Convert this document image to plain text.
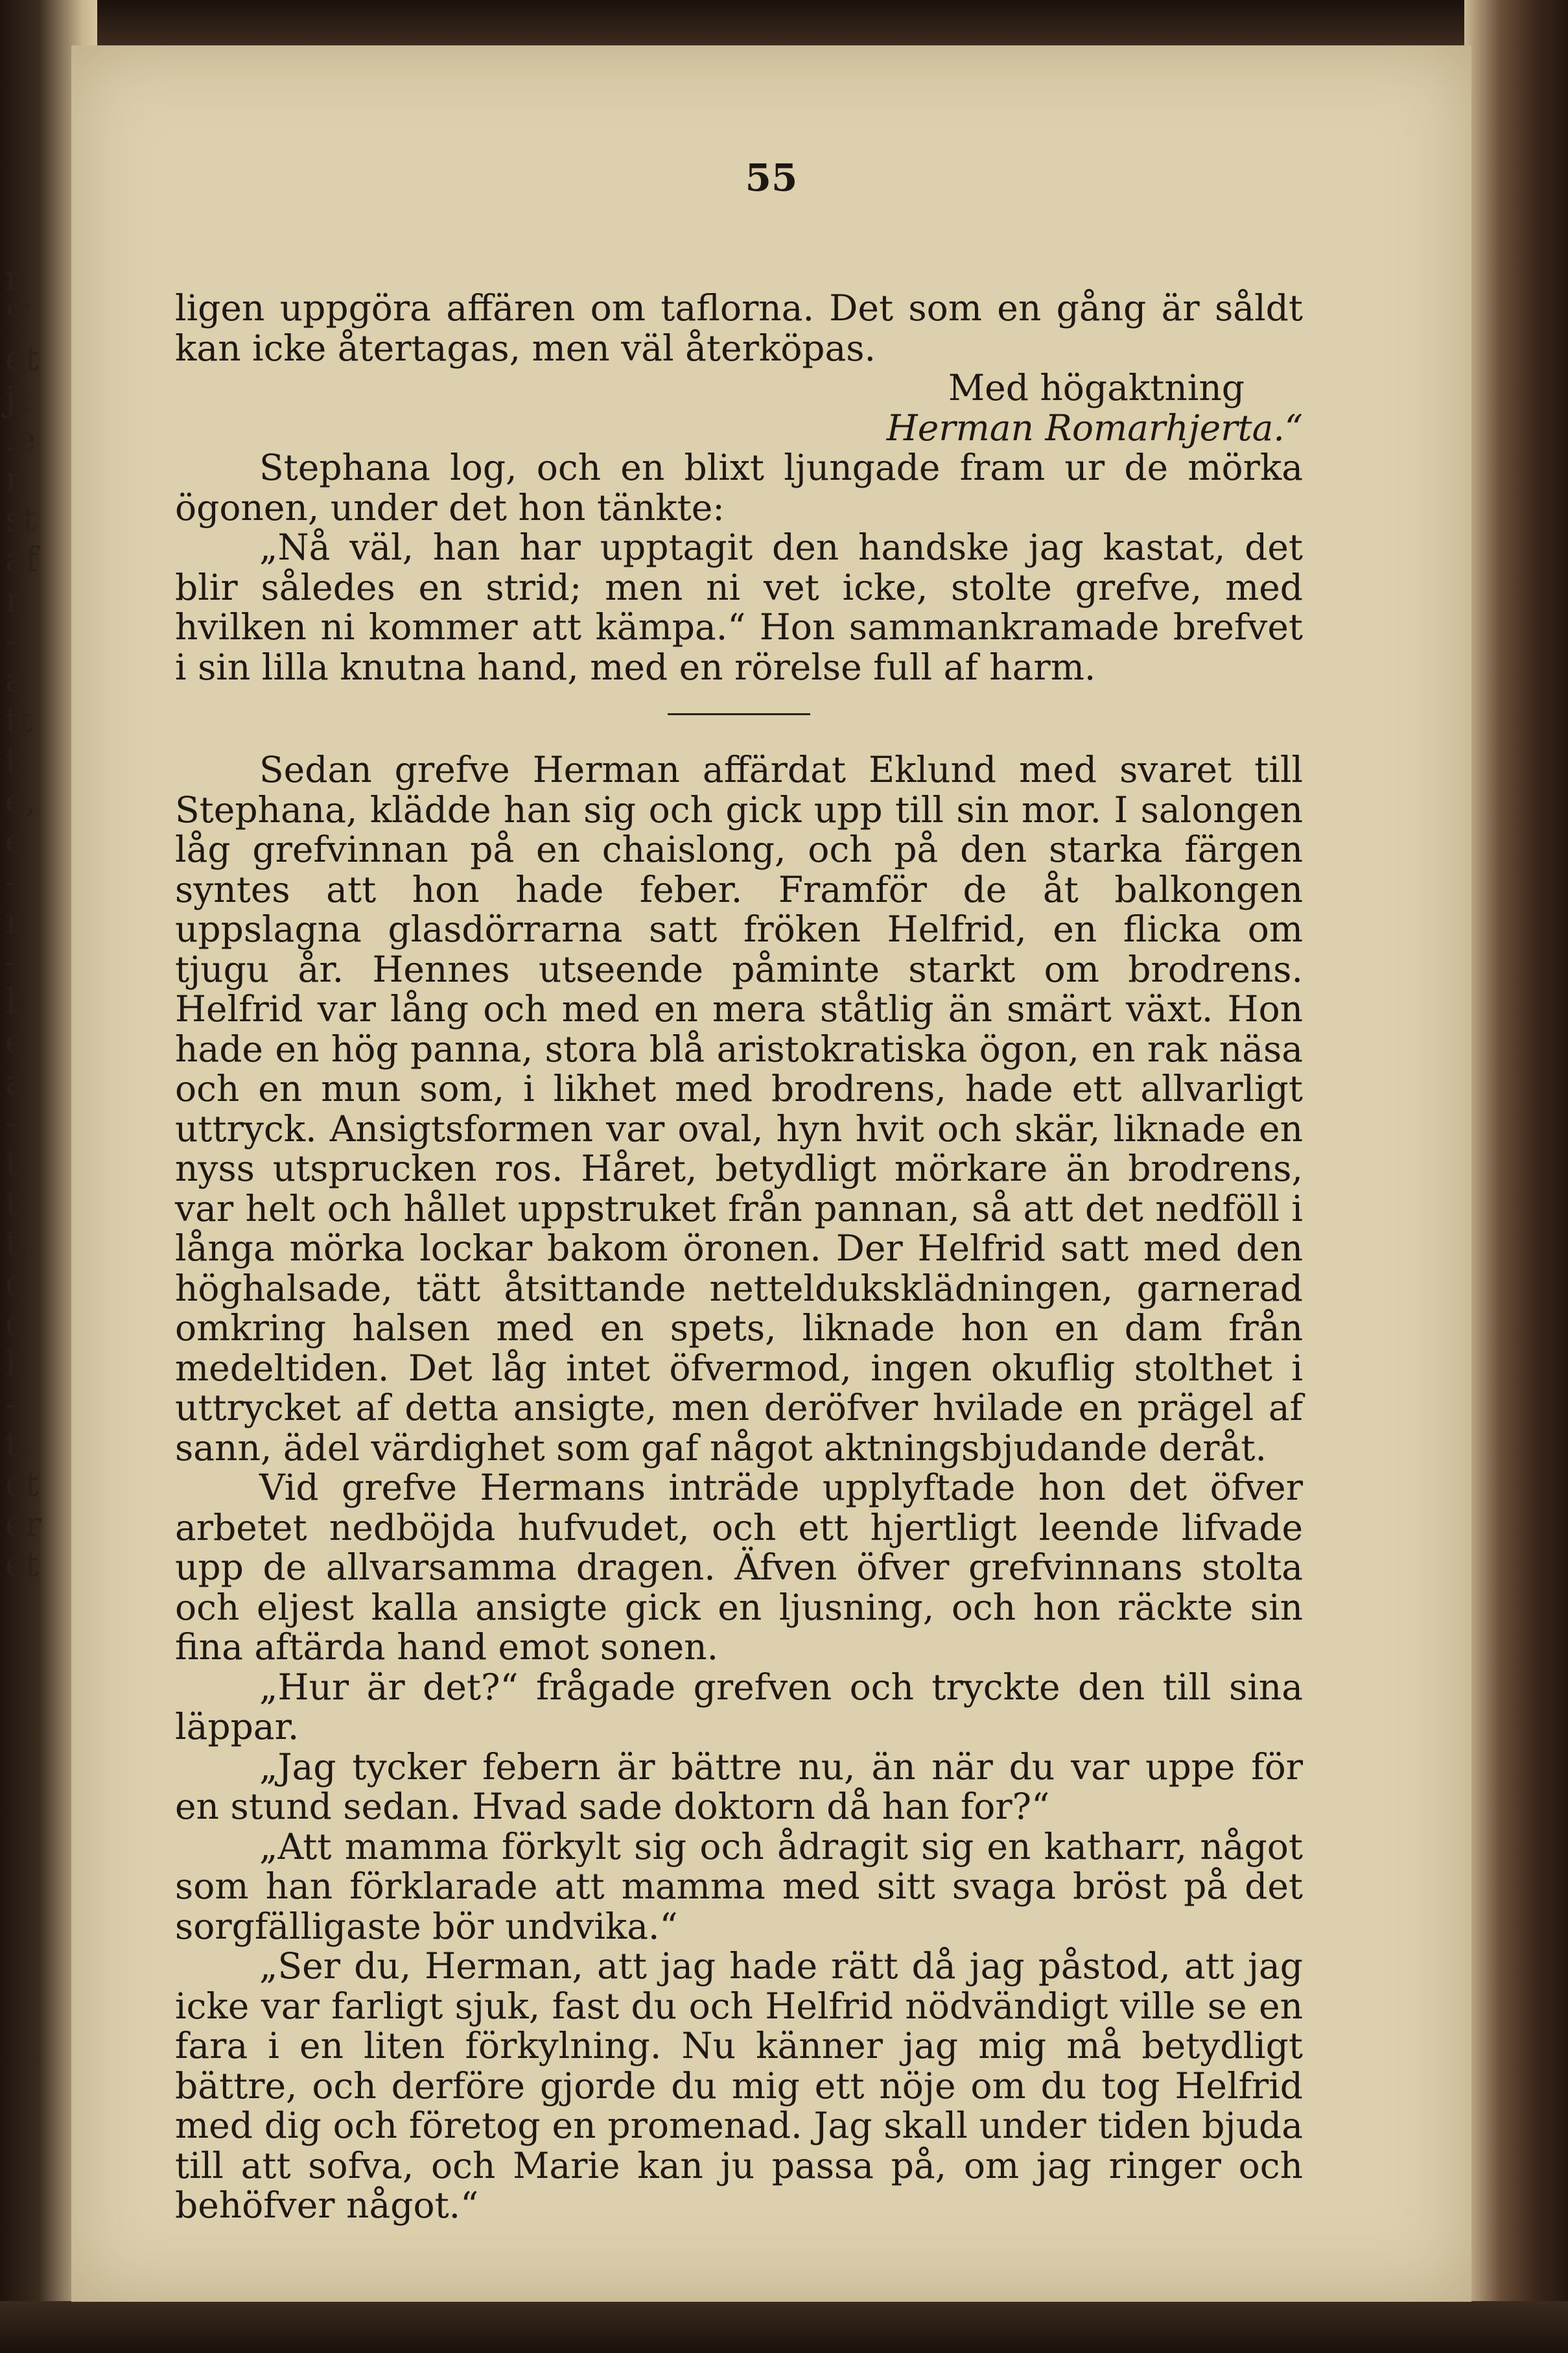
r,
'f
et
jt
.e
n
st
af
n
-
a
tt
t
e,
e
-
n
-
h
e
a
-
t
t
t,
d
d
h
-
t.
et
er
et
55

ligen uppgöra affären om taflorna. Det som en gång är såldt kan icke återtagas, men väl återköpas.

Med högaktning

Herman Romarhjerta.“

Stephana log, och en blixt ljungade fram ur de mörka ögonen, under det hon tänkte:

„Nå väl, han har upptagit den handske jag kastat, det blir således en strid; men ni vet icke, stolte grefve, med hvilken ni kommer att kämpa.“ Hon sammankramade brefvet i sin lilla knutna hand, med en rörelse full af harm.

Sedan grefve Herman affärdat Eklund med svaret till Stephana, klädde han sig och gick upp till sin mor. I salongen låg grefvinnan på en chaislong, och på den starka färgen syntes att hon hade feber. Framför de åt balkongen uppslagna glasdörrarna satt fröken Helfrid, en flicka om tjugu år. Hennes utseende påminte starkt om brodrens. Helfrid var lång och med en mera ståtlig än smärt växt. Hon hade en hög panna, stora blå aristokratiska ögon, en rak näsa och en mun som, i likhet med brodrens, hade ett allvarligt uttryck. Ansigtsformen var oval, hyn hvit och skär, liknade en nyss utsprucken ros. Håret, betydligt mörkare än brodrens, var helt och hållet uppstruket från pannan, så att det nedföll i långa mörka lockar bakom öronen. Der Helfrid satt med den höghalsade, tätt åtsittande nettelduksklädningen, garnerad omkring halsen med en spets, liknade hon en dam från medeltiden. Det låg intet öfvermod, ingen okuflig stolthet i uttrycket af detta ansigte, men deröfver hvilade en prägel af sann, ädel värdighet som gaf något aktningsbjudande deråt.

Vid grefve Hermans inträde upplyftade hon det öfver arbetet nedböjda hufvudet, och ett hjertligt leende lifvade upp de allvarsamma dragen. Äfven öfver grefvinnans stolta och eljest kalla ansigte gick en ljusning, och hon räckte sin fina aftärda hand emot sonen.

„Hur är det?“ frågade grefven och tryckte den till sina läppar.

„Jag tycker febern är bättre nu, än när du var uppe för en stund sedan. Hvad sade doktorn då han for?“

„Att mamma förkylt sig och ådragit sig en katharr, något som han förklarade att mamma med sitt svaga bröst på det sorgfälligaste bör undvika.“

„Ser du, Herman, att jag hade rätt då jag påstod, att jag icke var farligt sjuk, fast du och Helfrid nödvändigt ville se en fara i en liten förkylning. Nu känner jag mig må betydligt bättre, och derföre gjorde du mig ett nöje om du tog Helfrid med dig och företog en promenad. Jag skall under tiden bjuda till att sofva, och Marie kan ju passa på, om jag ringer och behöfver något.“
